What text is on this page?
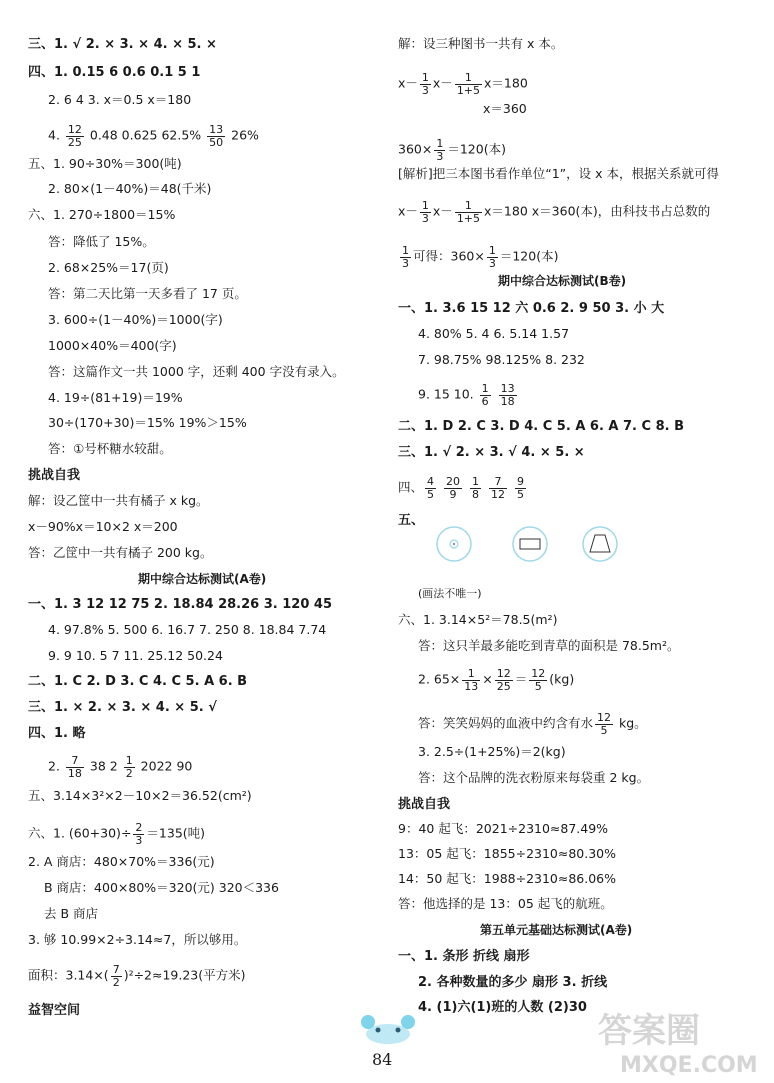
三、1. √ 2. × 3. × 4. × 5. ×
四、1. 0.15 6 0.6 0.1 5 1
2. 6 4 3. x＝0.5 x＝180
4. $\frac{12}{25} 0.48$ 0.625 $62.5\% \frac{13}{50} 26\%$
五、1. 90÷30%＝300(吨)
2. 80×(1－40%)＝48(千米)
六、1. 270÷1800＝15%
答：降低了 15%。
2. 68×25%＝17(页)
答：第二天比第一天多看了 17 页。
3. 600÷(1－40%)＝1000(字)
1000×40%＝400(字)
答：这篇作文一共 1000 字，还剩 400 字没有录入。
4. 19÷(81+19)＝19%
30÷(170+30)＝15% 19%＞15%
答：①号杯糖水较甜。
挑战自我
解：设乙筐中一共有橘子 x kg。
x－90%x＝10×2 x＝200
答：乙筐中一共有橘子 200 kg。
期中综合达标测试(A卷)
一、1. 3 12 12 75 2. 18.84 28.26 3. 120 45
4. 97.8% 5. 500 6. 16.7 7. 250 8. 18.84 7.74
9. 9 10. 5 7 11. 25.12 50.24
二、1. C 2. D 3. C 4. C 5. A 6. B
三、1. × 2. × 3. × 4. × 5. √
四、1. 略
2. $\frac{7}{18} 38$ $2 \frac{1}{2} 2022$ 90
五、3.14×3²×2－10×2＝36.52(cm²)
六、1. $(60+30)\div \frac{2}{3} =135$(吨)
2. A 商店：480×70%＝336(元)
B 商店：400×80%＝320(元) 320＜336
去 B 商店
3. 够 10.99×2÷3.14≈7，所以够用。
面积：$3.14\times( \frac{7}{2} )^2\div 2\approx 19.23$(平方米)
益智空间
解：设三种图书一共有 x 本。
$x- \frac{1}{3} x- \frac{1}{1+5} x=180$
x＝360
$360\times \frac{1}{3} =120$(本)
[解析]把三本图书看作单位“1”，设 x 本，根据关系就可得
$x- \frac{1}{3} x- \frac{1}{1+5} x=180$ x＝360(本)，由科技书占总数的
$\frac{1}{3}$ 可得：$360\times \frac{1}{3} =120$(本)
期中综合达标测试(B卷)
一、1. 3.6 15 12 六 0.6 2. 9 50 3. 小 大
4. 80% 5. 4 6. 5.14 1.57
7. 98.75% 98.125% 8. 232
9. 15 10. $\frac{1}{6}$
$\frac{13}{18}$
二、1. D 2. C 3. D 4. C 5. A 6. A 7. C 8. B
三、1. √ 2. × 3. √ 4. × 5. ×
四、 $\frac{4}{5}$
$\frac{20}{9}$
$\frac{1}{8}$
$\frac{7}{12}$
$\frac{9}{5}$
五、
(画法不唯一)
六、1. 3.14×5²＝78.5(m²)
答：这只羊最多能吃到青草的面积是 78.5m²。
2. $65\times \frac{1}{13} \times \frac{12}{25} = \frac{12}{5} (kg)$
答：笑笑妈妈的血液中约含有水 $\frac{12}{5}$ kg。
3. 2.5÷(1+25%)＝2(kg)
答：这个品牌的洗衣粉原来每袋重 2 kg。
挑战自我
9：40 起飞：2021÷2310≈87.49%
13：05 起飞：1855÷2310≈80.30%
14：50 起飞：1988÷2310≈86.06%
答：他选择的是 13：05 起飞的航班。
第五单元基础达标测试(A卷)
一、1. 条形 折线 扇形
2. 各种数量的多少 扇形 3. 折线
4. (1)六(1)班的人数 (2)30
84
答案圈
MXQE.COM
